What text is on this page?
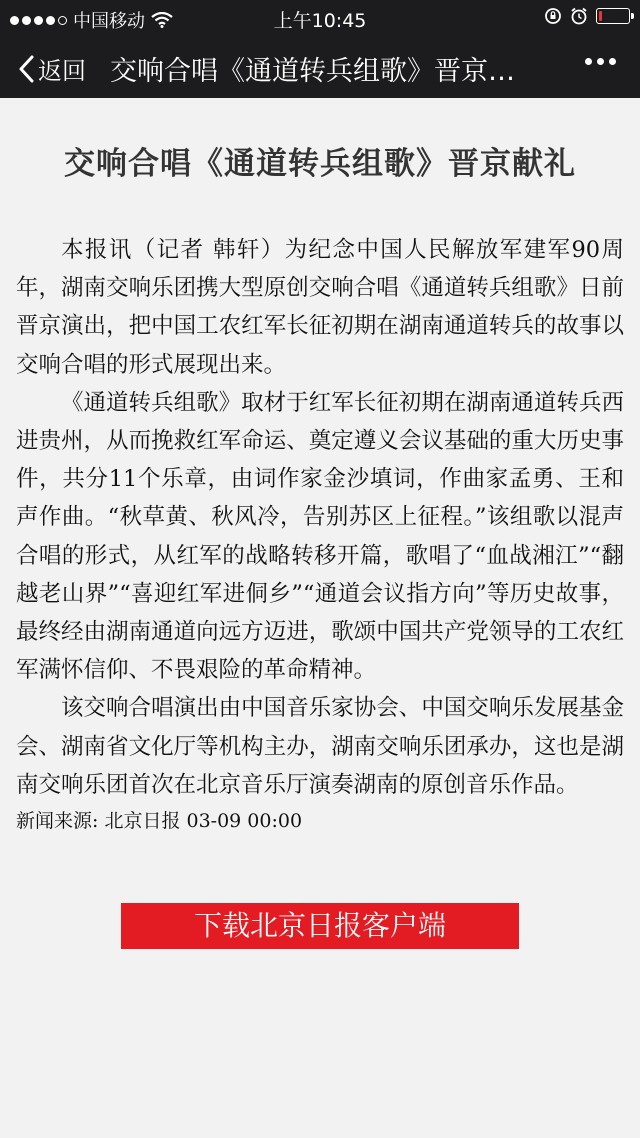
中国移动	上午10:45
返回 交响合唱《通道转兵组歌》晋京…
交响合唱《通道转兵组歌》晋京献礼

本报讯（记者 韩轩）为纪念中国人民解放军建军90周年，湖南交响乐团携大型原创交响合唱《通道转兵组歌》日前晋京演出，把中国工农红军长征初期在湖南通道转兵的故事以交响合唱的形式展现出来。

《通道转兵组歌》取材于红军长征初期在湖南通道转兵西进贵州，从而挽救红军命运、奠定遵义会议基础的重大历史事件，共分11个乐章，由词作家金沙填词，作曲家孟勇、王和声作曲。“秋草黄、秋风冷，告别苏区上征程。”该组歌以混声合唱的形式，从红军的战略转移开篇，歌唱了“血战湘江”“翻越老山界”“喜迎红军进侗乡”“通道会议指方向”等历史故事，最终经由湖南通道向远方迈进，歌颂中国共产党领导的工农红军满怀信仰、不畏艰险的革命精神。

该交响合唱演出由中国音乐家协会、中国交响乐发展基金会、湖南省文化厅等机构主办，湖南交响乐团承办，这也是湖南交响乐团首次在北京音乐厅演奏湖南的原创音乐作品。

新闻来源: 北京日报 03-09 00:00
下载北京日报客户端
